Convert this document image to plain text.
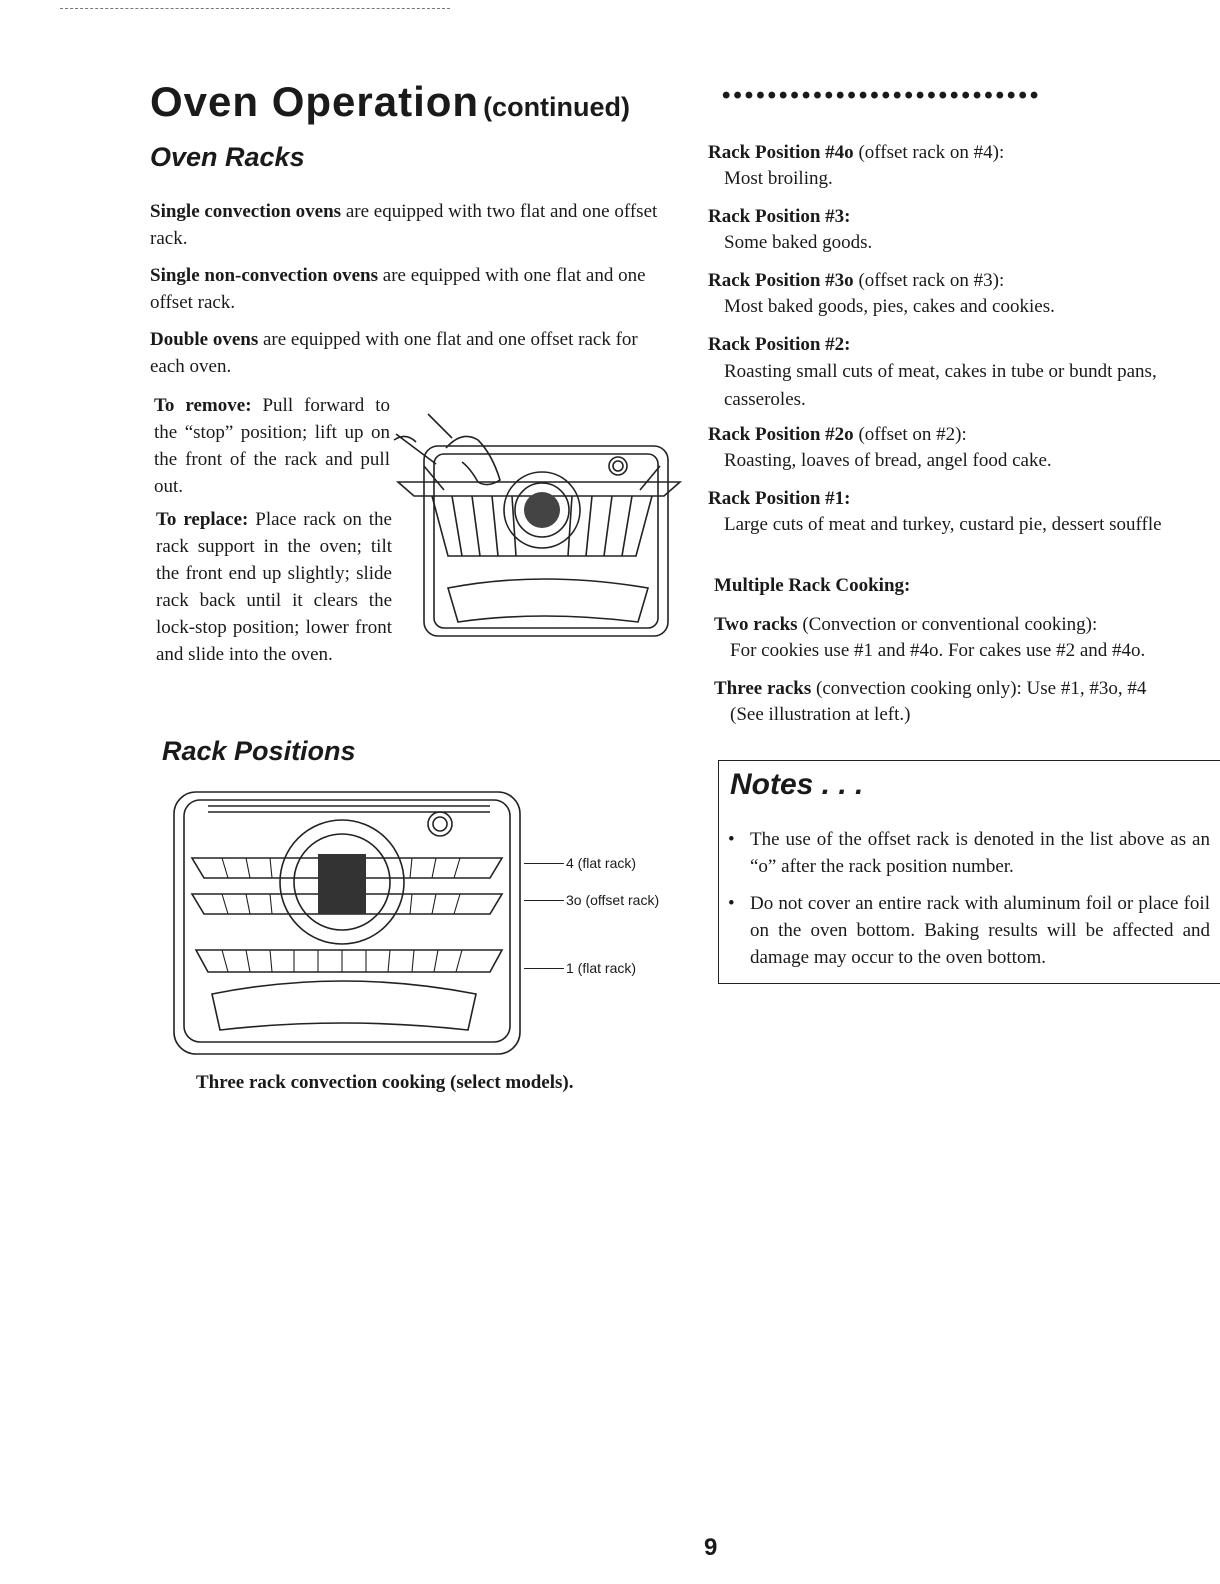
Oven Operation (continued)	••••••••••••••••••••••••••••
Oven Racks
Single convection ovens are equipped with two flat and one offset rack.
Single non-convection ovens are equipped with one flat and one offset rack.
Double ovens are equipped with one flat and one offset rack for each oven.
To remove: Pull forward to the “stop” position; lift up on the front of the rack and pull out.
To replace: Place rack on the rack support in the oven; tilt the front end up slightly; slide rack back until it clears the lock-stop position; lower front and slide into the oven.
Rack Positions
4 (flat rack)
3o (offset rack)
1 (flat rack)
Three rack convection cooking (select models).

Rack Position #4o (offset rack on #4):

Most broiling.

Rack Position #3:

Some baked goods.

Rack Position #3o (offset rack on #3):

Most baked goods, pies, cakes and cookies.

Rack Position #2:

Roasting small cuts of meat, cakes in tube or bundt pans,

casseroles.

Rack Position #2o (offset on #2):

Roasting, loaves of bread, angel food cake.

Rack Position #1:

Large cuts of meat and turkey, custard pie, dessert souffle

Multiple Rack Cooking:

Two racks (Convection or conventional cooking):

For cookies use #1 and #4o. For cakes use #2 and #4o.

Three racks (convection cooking only): Use #1, #3o, #4

(See illustration at left.)

Notes . . .
• The use of the offset rack is denoted in the list above as an “o” after the rack position number.
• Do not cover an entire rack with aluminum foil or place foil on the oven bottom. Baking results will be affected and damage may occur to the oven bottom.
9
